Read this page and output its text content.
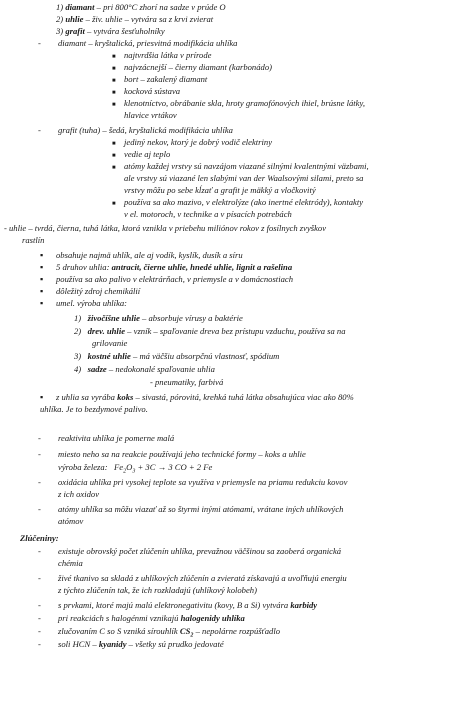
1) diamant – pri 800°C zhorí na sadze v prúde O
2) uhlie – živ. uhlie – vytvára sa z krvi zvierat
3) grafit – vytvára šesťuholníky
- diamant – kryštalická, priesvitná modifikácia uhlíka
■
najtvrdšia látka v prírode
■
najvzácnejší – čierny diamant (karbonádo)
■
bort – zakalený diamant
■
kocková sústava
■
klenotníctvo, obrábanie skla, hroty gramofónových ihiel, brúsne látky,
hlavice vrtákov
- grafit (tuha) – šedá, kryštalická modifikácia uhlíka
■
jediný nekov, ktorý je dobrý vodič elektriny
■
vedie aj teplo
■
atómy každej vrstvy sú navzájom viazané silnými kvalentnými väzbami,
ale vrstvy sú viazané len slabými van der Waalsovými silami, preto sa
vrstvy môžu po sebe kĺzať a grafit je mäkký a vločkovitý
■
používa sa ako mazivo, v elektrolýze (ako inertné elektródy), kontakty
v el. motoroch, v technike a v písacích potrebách
- uhlie – tvrdá, čierna, tuhá látka, ktorá vznikla v priebehu miliónov rokov z fosílnych zvyškov
rastlín
▪
obsahuje najmä uhlík, ale aj vodík, kyslík, dusík a síru
▪
5 druhov uhlia: antracit, čierne uhlie, hnedé uhlie, lignit a rašelina
▪
používa sa ako palivo v elektrárňach, v priemysle a v domácnostiach
▪
dôležitý zdroj chemikálií
▪
umel. výroba uhlíka:
1) živočíšne uhlie – absorbuje vírusy a baktérie
2) drev. uhlie – vzník – spaľovanie dreva bez prístupu vzduchu, používa sa na
grilovanie
3) kostné uhlie – má väčšiu absorpčnú vlastnosť, spódium
4) sadze – nedokonalé spaľovanie uhlia
- pneumatiky, farbivá
▪
z uhlia sa vyrába koks – sivastá, pórovitá, krehká tuhá látka obsahujúca viac ako 80%
uhlíka. Je to bezdymové palivo.
- reaktivita uhlíka je pomerne malá
- miesto neho sa na reakcie používajú jeho technické formy – koks a uhlie
výroba železa:   $Fe_2O_3 + 3C \to 3$ CO + 2 Fe
- oxidácia uhlíka pri vysokej teplote sa využíva v priemysle na priamu redukciu kovov
z ich oxidov
- atómy uhlíka sa môžu viazať až so štyrmi inými atómami, vrátane iných uhlíkových
atómov
Zlúčeniny:
- existuje obrovský počet zlúčenín uhlíka, prevažnou väčšinou sa zaoberá organická
chémia
- živé tkanivo sa skladá z uhlíkových zlúčenín a zvieratá získavajú a uvoľňujú energiu
z týchto zlúčenín tak, že ich rozkladajú (uhlíkový kolobeh)
- s prvkami, ktoré majú malú elektronegativitu (kovy, B a Si) vytvára karbidy
- pri reakciách s halogénmi vznikajú halogenidy uhlíka
- zlučovaním C so S vzniká sírouhlík $CS_2$ – nepolárne rozpúšťadlo
- soli HCN – kyanidy – všetky sú prudko jedovaté
